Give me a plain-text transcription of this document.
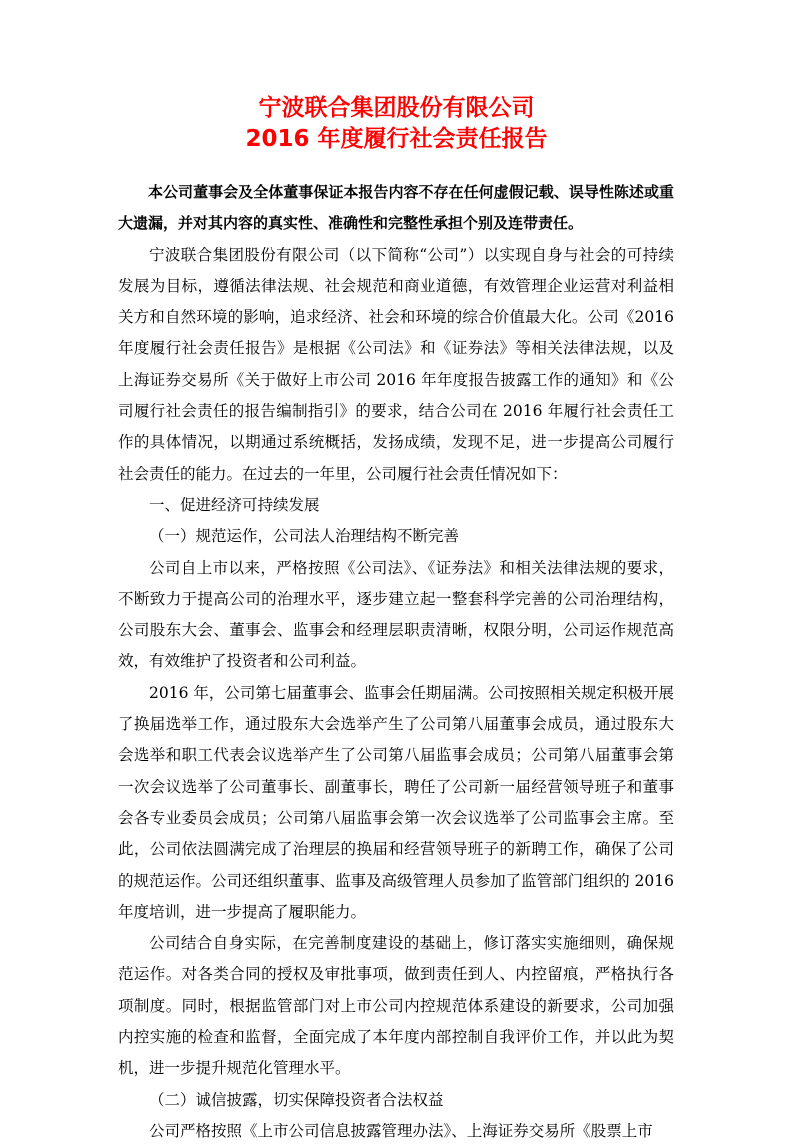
宁波联合集团股份有限公司
2016 年度履行社会责任报告

本公司董事会及全体董事保证本报告内容不存在任何虚假记载、误导性陈述或重大遗漏，并对其内容的真实性、准确性和完整性承担个别及连带责任。

宁波联合集团股份有限公司（以下简称“公司”）以实现自身与社会的可持续发展为目标，遵循法律法规、社会规范和商业道德，有效管理企业运营对利益相关方和自然环境的影响，追求经济、社会和环境的综合价值最大化。公司《2016年度履行社会责任报告》是根据《公司法》和《证券法》等相关法律法规，以及上海证券交易所《关于做好上市公司 2016 年年度报告披露工作的通知》和《公司履行社会责任的报告编制指引》的要求，结合公司在 2016 年履行社会责任工作的具体情况，以期通过系统概括，发扬成绩，发现不足，进一步提高公司履行社会责任的能力。在过去的一年里，公司履行社会责任情况如下：

一、促进经济可持续发展

（一）规范运作，公司法人治理结构不断完善

公司自上市以来，严格按照《公司法》、《证券法》和相关法律法规的要求，不断致力于提高公司的治理水平，逐步建立起一整套科学完善的公司治理结构，公司股东大会、董事会、监事会和经理层职责清晰，权限分明，公司运作规范高效，有效维护了投资者和公司利益。

2016 年，公司第七届董事会、监事会任期届满。公司按照相关规定积极开展了换届选举工作，通过股东大会选举产生了公司第八届董事会成员，通过股东大会选举和职工代表会议选举产生了公司第八届监事会成员；公司第八届董事会第一次会议选举了公司董事长、副董事长，聘任了公司新一届经营领导班子和董事会各专业委员会成员；公司第八届监事会第一次会议选举了公司监事会主席。至此，公司依法圆满完成了治理层的换届和经营领导班子的新聘工作，确保了公司的规范运作。公司还组织董事、监事及高级管理人员参加了监管部门组织的 2016 年度培训，进一步提高了履职能力。

公司结合自身实际，在完善制度建设的基础上，修订落实实施细则，确保规范运作。对各类合同的授权及审批事项，做到责任到人、内控留痕，严格执行各项制度。同时，根据监管部门对上市公司内控规范体系建设的新要求，公司加强内控实施的检查和监督，全面完成了本年度内部控制自我评价工作，并以此为契机，进一步提升规范化管理水平。

（二）诚信披露，切实保障投资者合法权益

公司严格按照《上市公司信息披露管理办法》、上海证券交易所《股票上市
